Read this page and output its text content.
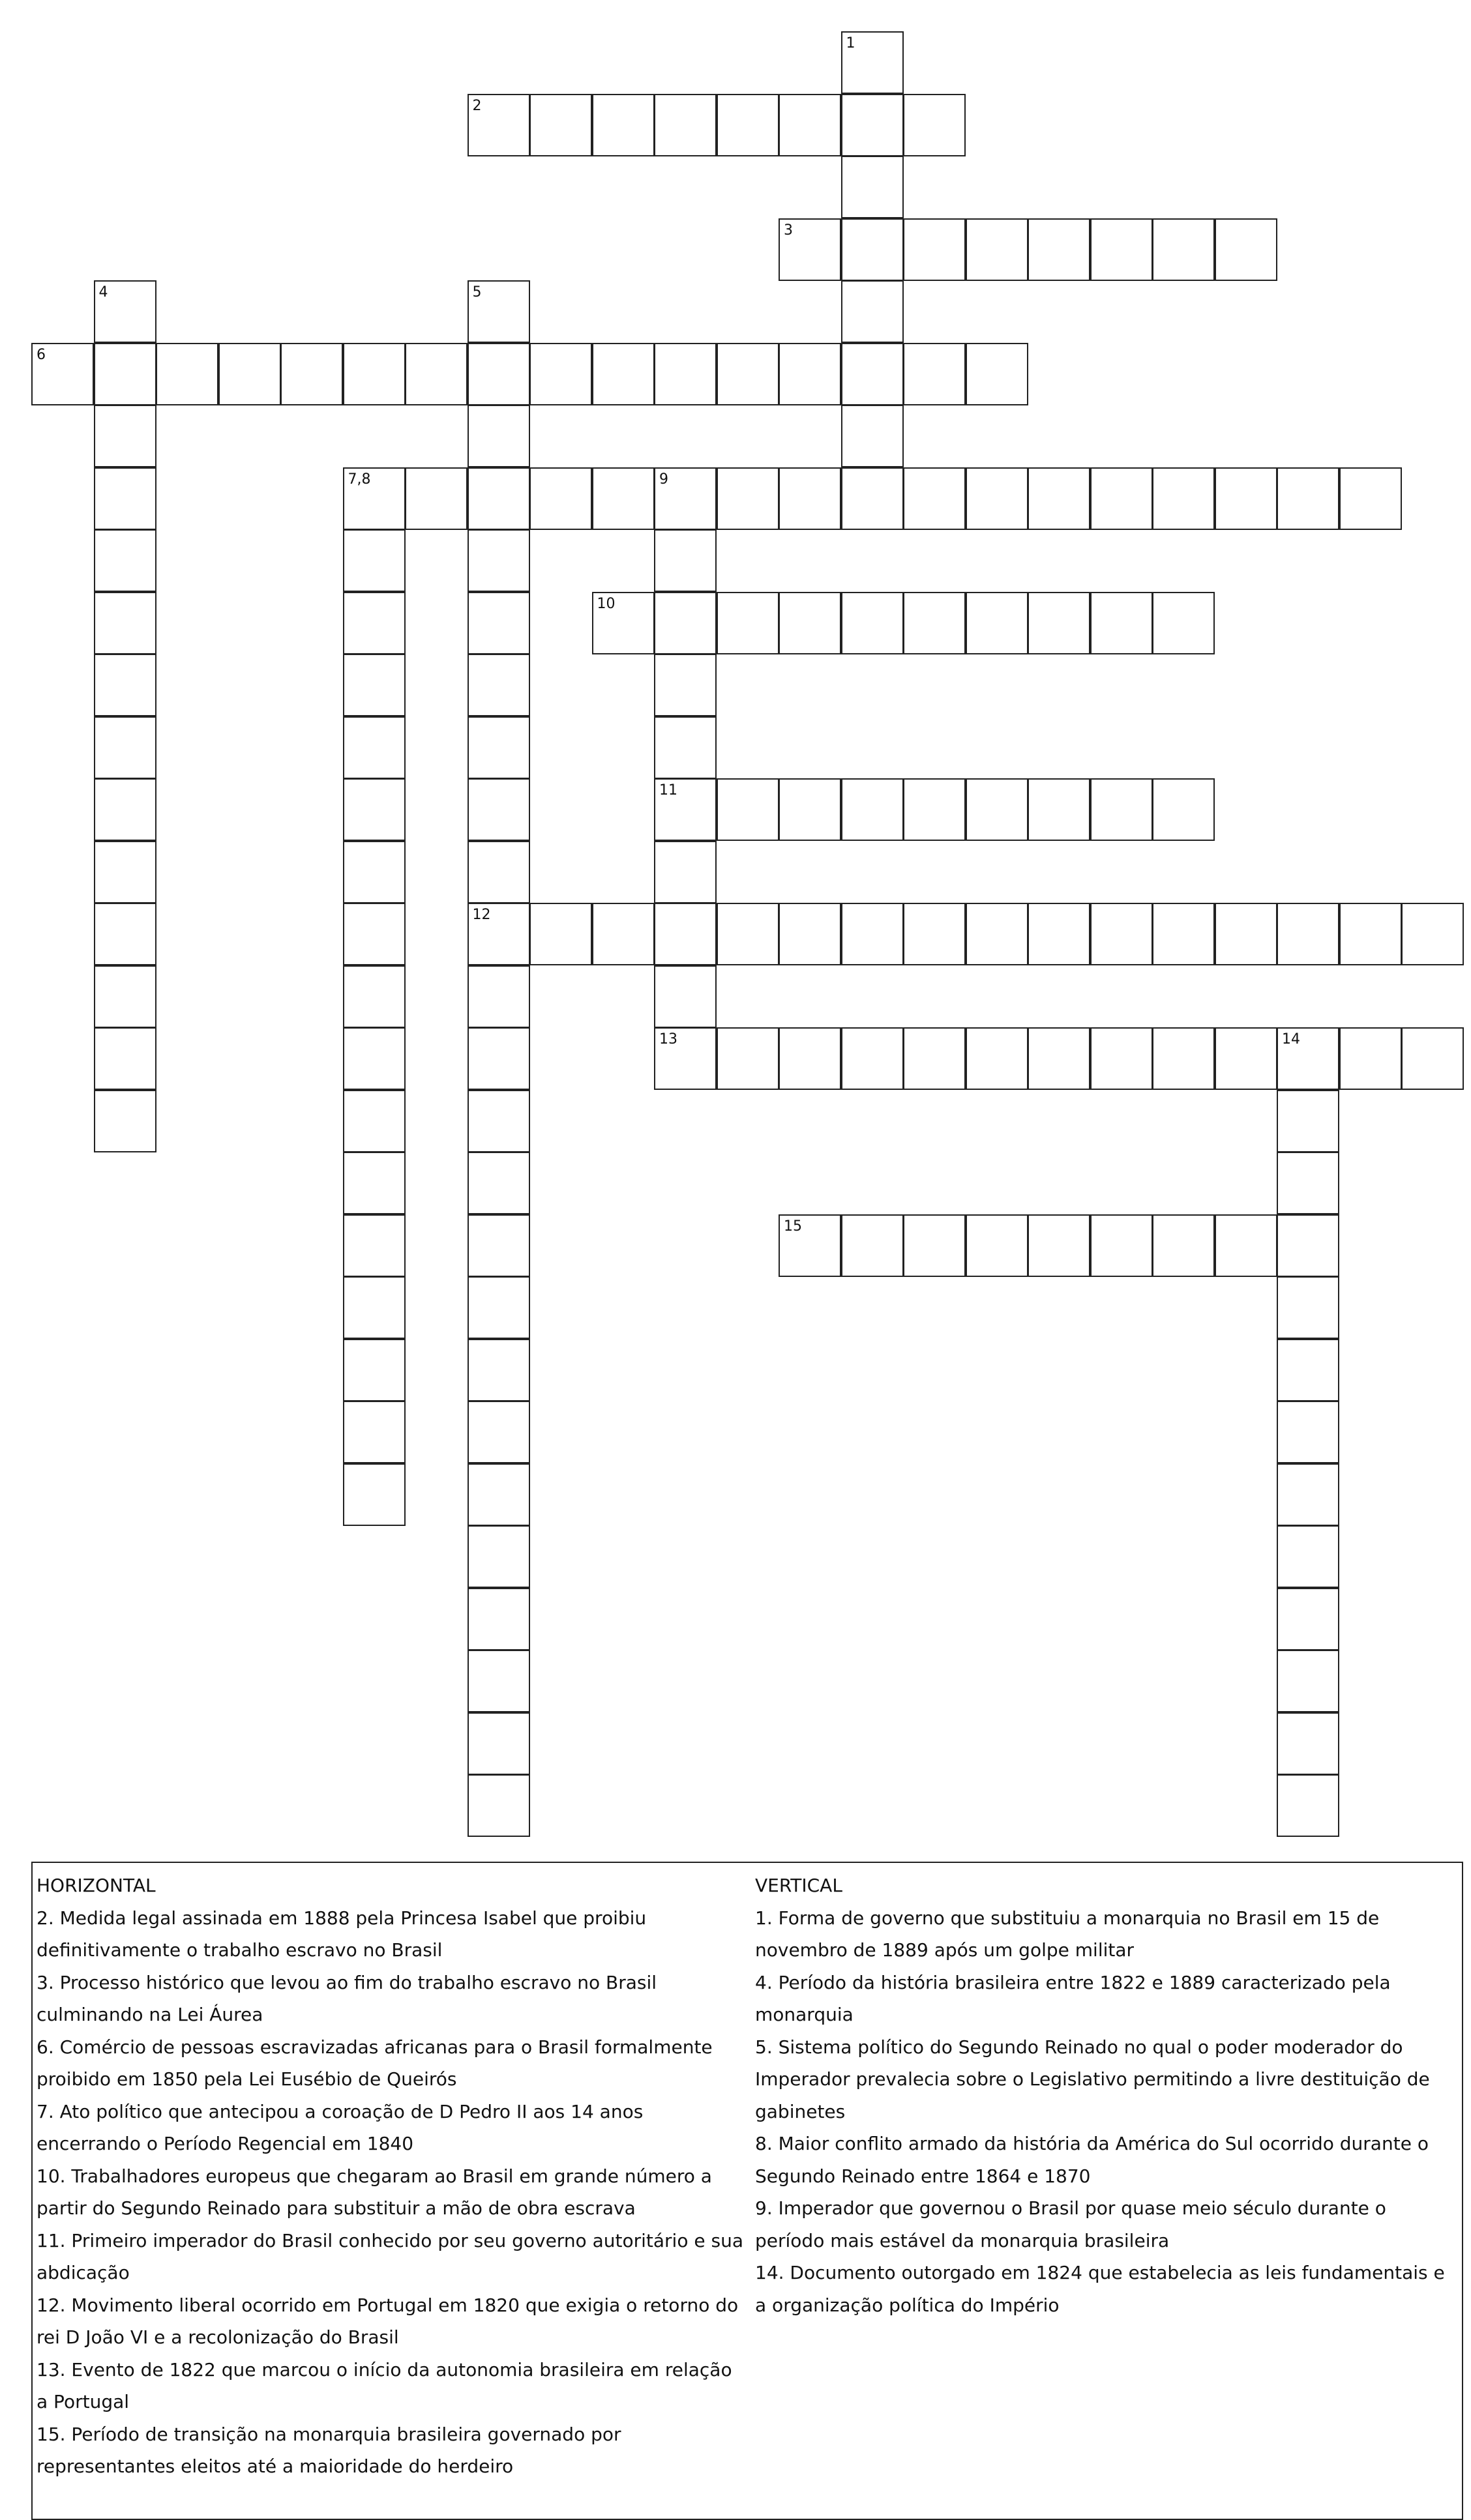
1
2
3
4	5
6
7,8	9
10
11
12
13	14
15

HORIZONTAL

2. Medida legal assinada em 1888 pela Princesa Isabel que proibiu definitivamente o trabalho escravo no Brasil

3. Processo histórico que levou ao fim do trabalho escravo no Brasil culminando na Lei Áurea

6. Comércio de pessoas escravizadas africanas para o Brasil formalmente proibido em 1850 pela Lei Eusébio de Queirós

7. Ato político que antecipou a coroação de D Pedro II aos 14 anos encerrando o Período Regencial em 1840

10. Trabalhadores europeus que chegaram ao Brasil em grande número a partir do Segundo Reinado para substituir a mão de obra escrava

11. Primeiro imperador do Brasil conhecido por seu governo autoritário e sua abdicação

12. Movimento liberal ocorrido em Portugal em 1820 que exigia o retorno do rei D João VI e a recolonização do Brasil

13. Evento de 1822 que marcou o início da autonomia brasileira em relação a Portugal

15. Período de transição na monarquia brasileira governado por representantes eleitos até a maioridade do herdeiro

VERTICAL

1. Forma de governo que substituiu a monarquia no Brasil em 15 de novembro de 1889 após um golpe militar

4. Período da história brasileira entre 1822 e 1889 caracterizado pela monarquia

5. Sistema político do Segundo Reinado no qual o poder moderador do Imperador prevalecia sobre o Legislativo permitindo a livre destituição de gabinetes

8. Maior conflito armado da história da América do Sul ocorrido durante o Segundo Reinado entre 1864 e 1870

9. Imperador que governou o Brasil por quase meio século durante o período mais estável da monarquia brasileira

14. Documento outorgado em 1824 que estabelecia as leis fundamentais e a organização política do Império
